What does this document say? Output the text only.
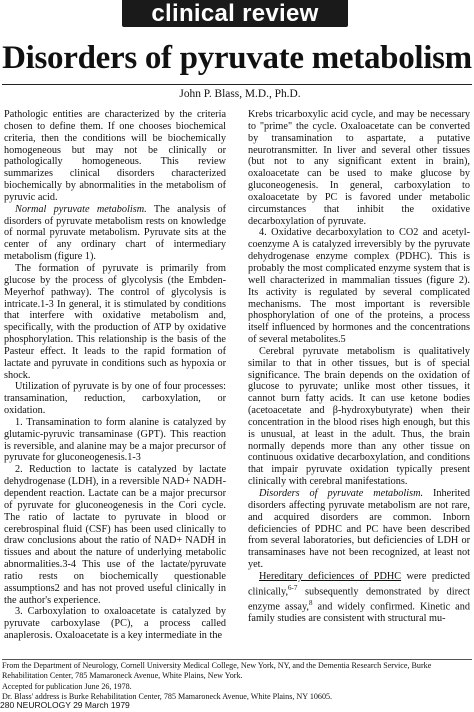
clinical review
Disorders of pyruvate metabolism
John P. Blass, M.D., Ph.D.

Pathologic entities are characterized by the criteria chosen to define them. If one chooses biochemical criteria, then the conditions will be biochemically homogeneous but may not be clinically or pathologically homogeneous. This review summarizes clinical disorders characterized biochemically by abnormalities in the metabolism of pyruvic acid.

Normal pyruvate metabolism. The analysis of disorders of pyruvate metabolism rests on knowledge of normal pyruvate metabolism. Pyruvate sits at the center of any ordinary chart of intermediary metabolism (figure 1).

The formation of pyruvate is primarily from glucose by the process of glycolysis (the Embden-Meyerhof pathway). The control of glycolysis is intricate.1-3 In general, it is stimulated by conditions that interfere with oxidative metabolism and, specifically, with the production of ATP by oxidative phosphorylation. This relationship is the basis of the Pasteur effect. It leads to the rapid formation of lactate and pyruvate in conditions such as hypoxia or shock.

Utilization of pyruvate is by one of four processes: transamination, reduction, carboxylation, or oxidation.

1. Transamination to form alanine is catalyzed by glutamic-pyruvic transaminase (GPT). This reaction is reversible, and alanine may be a major precursor of pyruvate for gluconeogenesis.1-3

2. Reduction to lactate is catalyzed by lactate dehydrogenase (LDH), in a reversible NAD+ NADH-dependent reaction. Lactate can be a major precursor of pyruvate for gluconeogenesis in the Cori cycle. The ratio of lactate to pyruvate in blood or cerebrospinal fluid (CSF) has been used clinically to draw conclusions about the ratio of NAD+ NADH in tissues and about the nature of underlying metabolic abnormalities.3-4 This use of the lactate/pyruvate ratio rests on biochemically questionable assumptions2 and has not proved useful clinically in the author's experience.

3. Carboxylation to oxaloacetate is catalyzed by pyruvate carboxylase (PC), a process called anaplerosis. Oxaloacetate is a key intermediate in the

Krebs tricarboxylic acid cycle, and may be necessary to "prime" the cycle. Oxaloacetate can be converted by transamination to aspartate, a putative neurotransmitter. In liver and several other tissues (but not to any significant extent in brain), oxaloacetate can be used to make glucose by gluconeogenesis. In general, carboxylation to oxaloacetate by PC is favored under metabolic circumstances that inhibit the oxidative decarboxylation of pyruvate.

4. Oxidative decarboxylation to CO2 and acetyl-coenzyme A is catalyzed irreversibly by the pyruvate dehydrogenase enzyme complex (PDHC). This is probably the most complicated enzyme system that is well characterized in mammalian tissues (figure 2). Its activity is regulated by several complicated mechanisms. The most important is reversible phosphorylation of one of the proteins, a process itself influenced by hormones and the concentrations of several metabolites.5

Cerebral pyruvate metabolism is qualitatively similar to that in other tissues, but is of special significance. The brain depends on the oxidation of glucose to pyruvate; unlike most other tissues, it cannot burn fatty acids. It can use ketone bodies (acetoacetate and β-hydroxybutyrate) when their concentration in the blood rises high enough, but this is unusual, at least in the adult. Thus, the brain normally depends more than any other tissue on continuous oxidative decarboxylation, and conditions that impair pyruvate oxidation typically present clinically with cerebral manifestations.

Disorders of pyruvate metabolism. Inherited disorders affecting pyruvate metabolism are not rare, and acquired disorders are common. Inborn deficiencies of PDHC and PC have been described from several laboratories, but deficiencies of LDH or transaminases have not been recognized, at least not yet.

Hereditary deficiences of PDHC were predicted clinically,$^{6-7}$ subsequently demonstrated by direct enzyme assay,$^8$ and widely confirmed. Kinetic and family studies are consistent with structural mu-

From the Department of Neurology, Cornell University Medical College, New York, NY, and the Dementia Research Service, Burke Rehabilitation Center, 785 Mamaroneck Avenue, White Plains, New York.

Accepted for publication June 26, 1978.

Dr. Blass' address is Burke Rehabilitation Center, 785 Mamaroneck Avenue, White Plains, NY 10605.

280 NEUROLOGY 29 March 1979
